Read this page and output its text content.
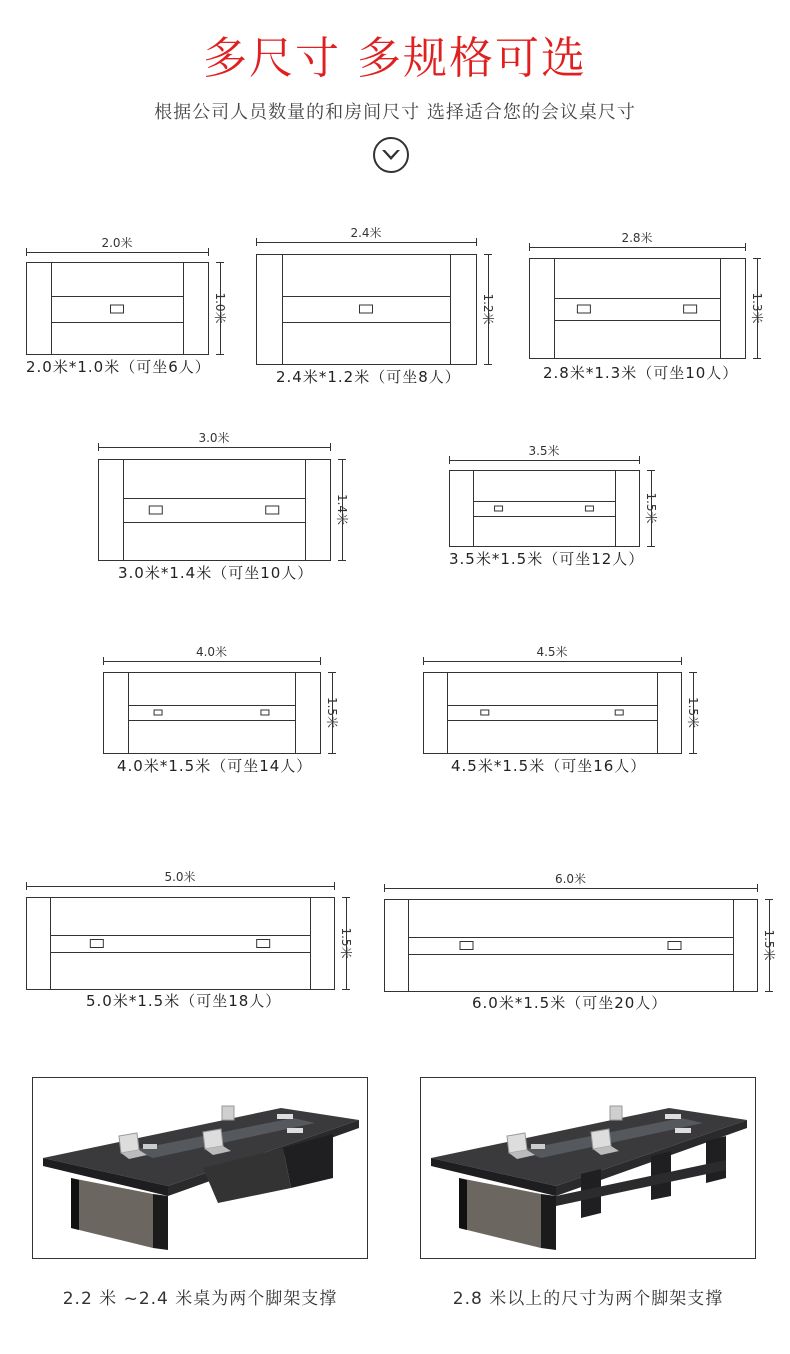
多尺寸 多规格可选
根据公司人员数量的和房间尺寸 选择适合您的会议桌尺寸
2.0米
1.0米
2.0米*1.0米（可坐6人）
2.4米
1.2米
2.4米*1.2米（可坐8人）
2.8米
1.3米
2.8米*1.3米（可坐10人）
3.0米
1.4米
3.0米*1.4米（可坐10人）
3.5米
1.5米
3.5米*1.5米（可坐12人）
4.0米
1.5米
4.0米*1.5米（可坐14人）
4.5米
1.5米
4.5米*1.5米（可坐16人）
5.0米
1.5米
5.0米*1.5米（可坐18人）
6.0米
1.5米
6.0米*1.5米（可坐20人）
2.2 米 ~2.4 米桌为两个脚架支撑	2.8 米以上的尺寸为两个脚架支撑
